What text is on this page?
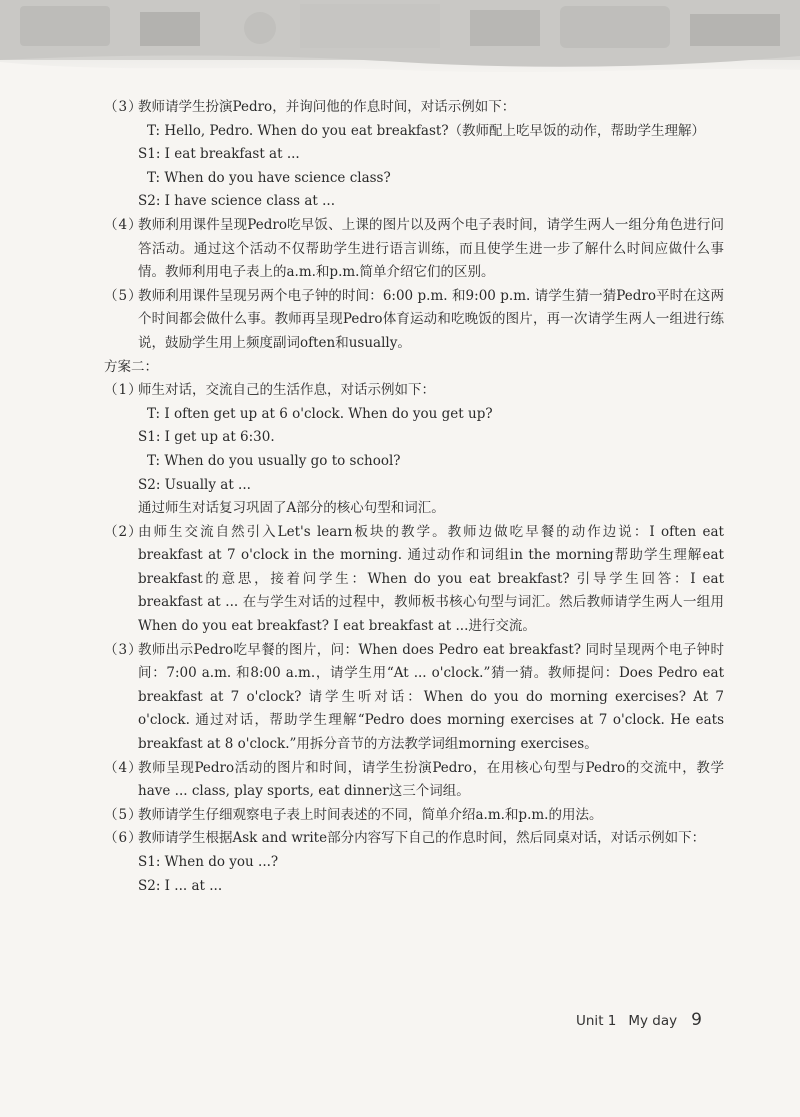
（3）
教师请学生扮演Pedro，并询问他的作息时间，对话示例如下：
T: Hello, Pedro. When do you eat breakfast?（教师配上吃早饭的动作，帮助学生理解）
S1: I eat breakfast at ...
T: When do you have science class?
S2: I have science class at ...
（4）
教师利用课件呈现Pedro吃早饭、上课的图片以及两个电子表时间，请学生两人一组分角色进行问答活动。通过这个活动不仅帮助学生进行语言训练，而且使学生进一步了解什么时间应做什么事情。教师利用电子表上的a.m.和p.m.简单介绍它们的区别。
（5）
教师利用课件呈现另两个电子钟的时间：6:00 p.m. 和9:00 p.m. 请学生猜一猜Pedro平时在这两个时间都会做什么事。教师再呈现Pedro体育运动和吃晚饭的图片，再一次请学生两人一组进行练说，鼓励学生用上频度副词often和usually。
方案二：
（1）
师生对话，交流自己的生活作息，对话示例如下：
T: I often get up at 6 o'clock. When do you get up?
S1: I get up at 6:30.
T: When do you usually go to school?
S2: Usually at ...
通过师生对话复习巩固了A部分的核心句型和词汇。
（2）
由师生交流自然引入Let's learn板块的教学。教师边做吃早餐的动作边说：I often eat breakfast at 7 o'clock in the morning. 通过动作和词组in the morning帮助学生理解eat breakfast的意思，接着问学生：When do you eat breakfast? 引导学生回答：I eat breakfast at ... 在与学生对话的过程中，教师板书核心句型与词汇。然后教师请学生两人一组用When do you eat breakfast? I eat breakfast at ...进行交流。
（3）
教师出示Pedro吃早餐的图片，问：When does Pedro eat breakfast? 同时呈现两个电子钟时间：7:00 a.m. 和8:00 a.m.，请学生用“At ... o'clock.”猜一猜。教师提问：Does Pedro eat breakfast at 7 o'clock? 请学生听对话：When do you do morning exercises? At 7 o'clock. 通过对话，帮助学生理解“Pedro does morning exercises at 7 o'clock. He eats breakfast at 8 o'clock.”用拆分音节的方法教学词组morning exercises。
（4）
教师呈现Pedro活动的图片和时间，请学生扮演Pedro，在用核心句型与Pedro的交流中，教学have ... class, play sports, eat dinner这三个词组。
（5）
教师请学生仔细观察电子表上时间表述的不同，简单介绍a.m.和p.m.的用法。
（6）
教师请学生根据Ask and write部分内容写下自己的作息时间，然后同桌对话，对话示例如下：
S1: When do you ...?
S2: I ... at ...
Unit 1 My day 9
